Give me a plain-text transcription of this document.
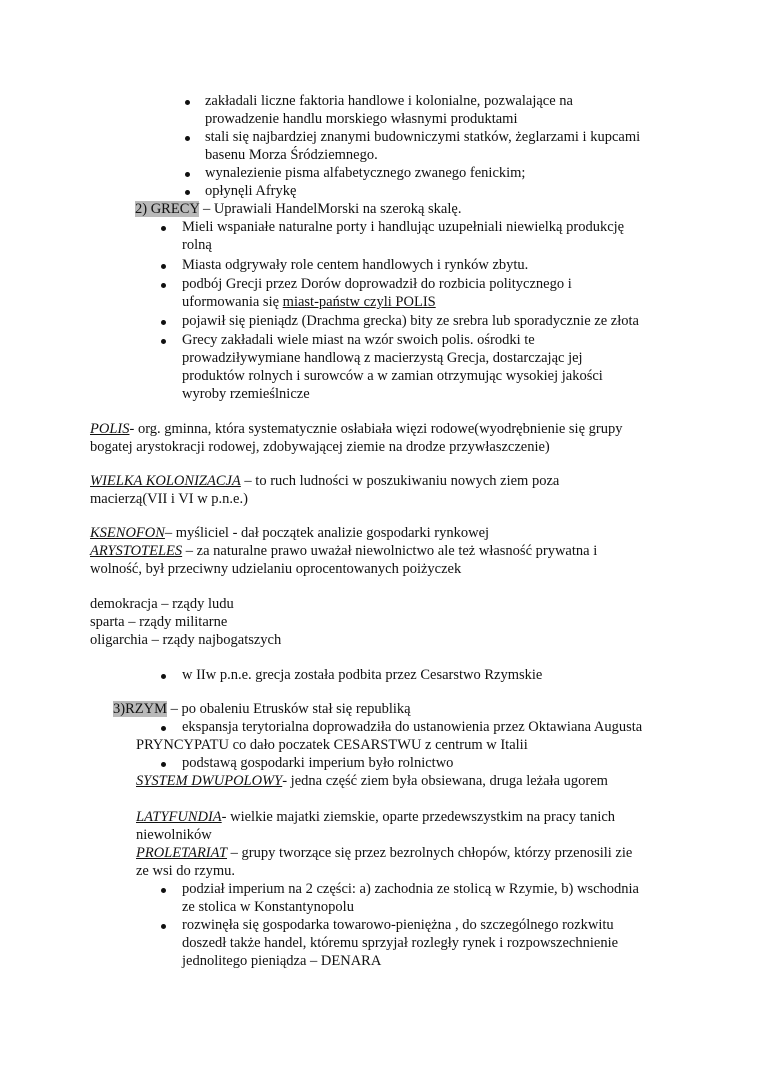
zakładali liczne faktoria handlowe i kolonialne, pozwalające na
prowadzenie handlu morskiego własnymi produktami
stali się najbardziej znanymi budowniczymi statków, żeglarzami i kupcami
basenu Morza Śródziemnego.
wynalezienie pisma alfabetycznego zwanego fenickim;
opłynęli Afrykę
2) GRECY – Uprawiali HandelMorski na szeroką skalę.
Mieli wspaniałe naturalne porty i handlując uzupełniali niewielką produkcję
rolną
Miasta odgrywały role centem handlowych i rynków zbytu.
podbój Grecji przez Dorów doprowadził do rozbicia politycznego i
uformowania się miast-państw czyli POLIS
pojawił się pieniądz (Drachma grecka) bity ze srebra lub sporadycznie ze złota
Grecy zakładali wiele miast na wzór swoich polis. ośrodki te
prowadziływymiane handlową z macierzystą Grecja, dostarczając jej
produktów rolnych i surowców a w zamian otrzymując wysokiej jakości
wyroby rzemieślnicze
POLIS- org. gminna, która systematycznie osłabiała więzi rodowe(wyodrębnienie się grupy
bogatej arystokracji rodowej, zdobywającej ziemie na drodze przywłaszczenie)
WIELKA KOLONIZACJA – to ruch ludności w poszukiwaniu nowych ziem poza
macierzą(VII i VI w p.n.e.)
KSENOFON– myśliciel - dał początek analizie gospodarki rynkowej
ARYSTOTELES – za naturalne prawo uważał niewolnictwo ale też własność prywatna i
wolność, był przeciwny udzielaniu oprocentowanych poiżyczek
demokracja – rządy ludu
sparta – rządy militarne
oligarchia – rządy najbogatszych
w IIw p.n.e. grecja została podbita przez Cesarstwo Rzymskie
3)RZYM – po obaleniu Etrusków stał się republiką
ekspansja terytorialna doprowadziła do ustanowienia przez Oktawiana Augusta
PRYNCYPATU co dało poczatek CESARSTWU z centrum w Italii
podstawą gospodarki imperium było rolnictwo
SYSTEM DWUPOLOWY- jedna część ziem była obsiewana, druga leżała ugorem
LATYFUNDIA- wielkie majatki ziemskie, oparte przedewszystkim na pracy tanich
niewolników
PROLETARIAT – grupy tworzące się przez bezrolnych chłopów, którzy przenosili zie
ze wsi do rzymu.
podział imperium na 2 części: a) zachodnia ze stolicą w Rzymie, b) wschodnia
ze stolica w Konstantynopolu
rozwinęła się gospodarka towarowo-pieniężna , do szczególnego rozkwitu
doszedł także handel, któremu sprzyjał rozległy rynek i rozpowszechnienie
jednolitego pieniądza – DENARA
